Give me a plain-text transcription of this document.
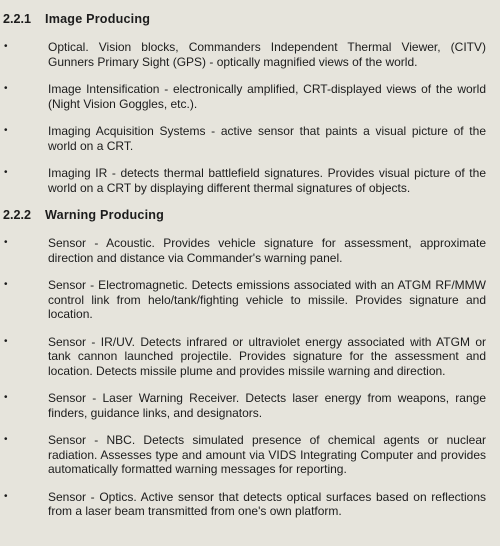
2.2.1	Image Producing
•	Optical. Vision blocks, Commanders Independent Thermal Viewer, (CITV) Gunners Primary Sight (GPS) - optically magnified views of the world.
•	Image Intensification - electronically amplified, CRT-displayed views of the world (Night Vision Goggles, etc.).
•	Imaging Acquisition Systems - active sensor that paints a visual picture of the world on a CRT.
•	Imaging IR - detects thermal battlefield signatures. Provides visual picture of the world on a CRT by displaying different thermal signatures of objects.
2.2.2	Warning Producing
•	Sensor - Acoustic. Provides vehicle signature for assessment, approximate direction and distance via Commander's warning panel.
•	Sensor - Electromagnetic. Detects emissions associated with an ATGM RF/MMW control link from helo/tank/fighting vehicle to missile. Provides signature and location.
•	Sensor - IR/UV. Detects infrared or ultraviolet energy associated with ATGM or tank cannon launched projectile. Provides signature for the assessment and location. Detects missile plume and provides missile warning and direction.
•	Sensor - Laser Warning Receiver. Detects laser energy from weapons, range finders, guidance links, and designators.
•	Sensor - NBC. Detects simulated presence of chemical agents or nuclear radiation. Assesses type and amount via VIDS Integrating Computer and provides automatically formatted warning messages for reporting.
•	Sensor - Optics. Active sensor that detects optical surfaces based on reflections from a laser beam transmitted from one's own platform.
